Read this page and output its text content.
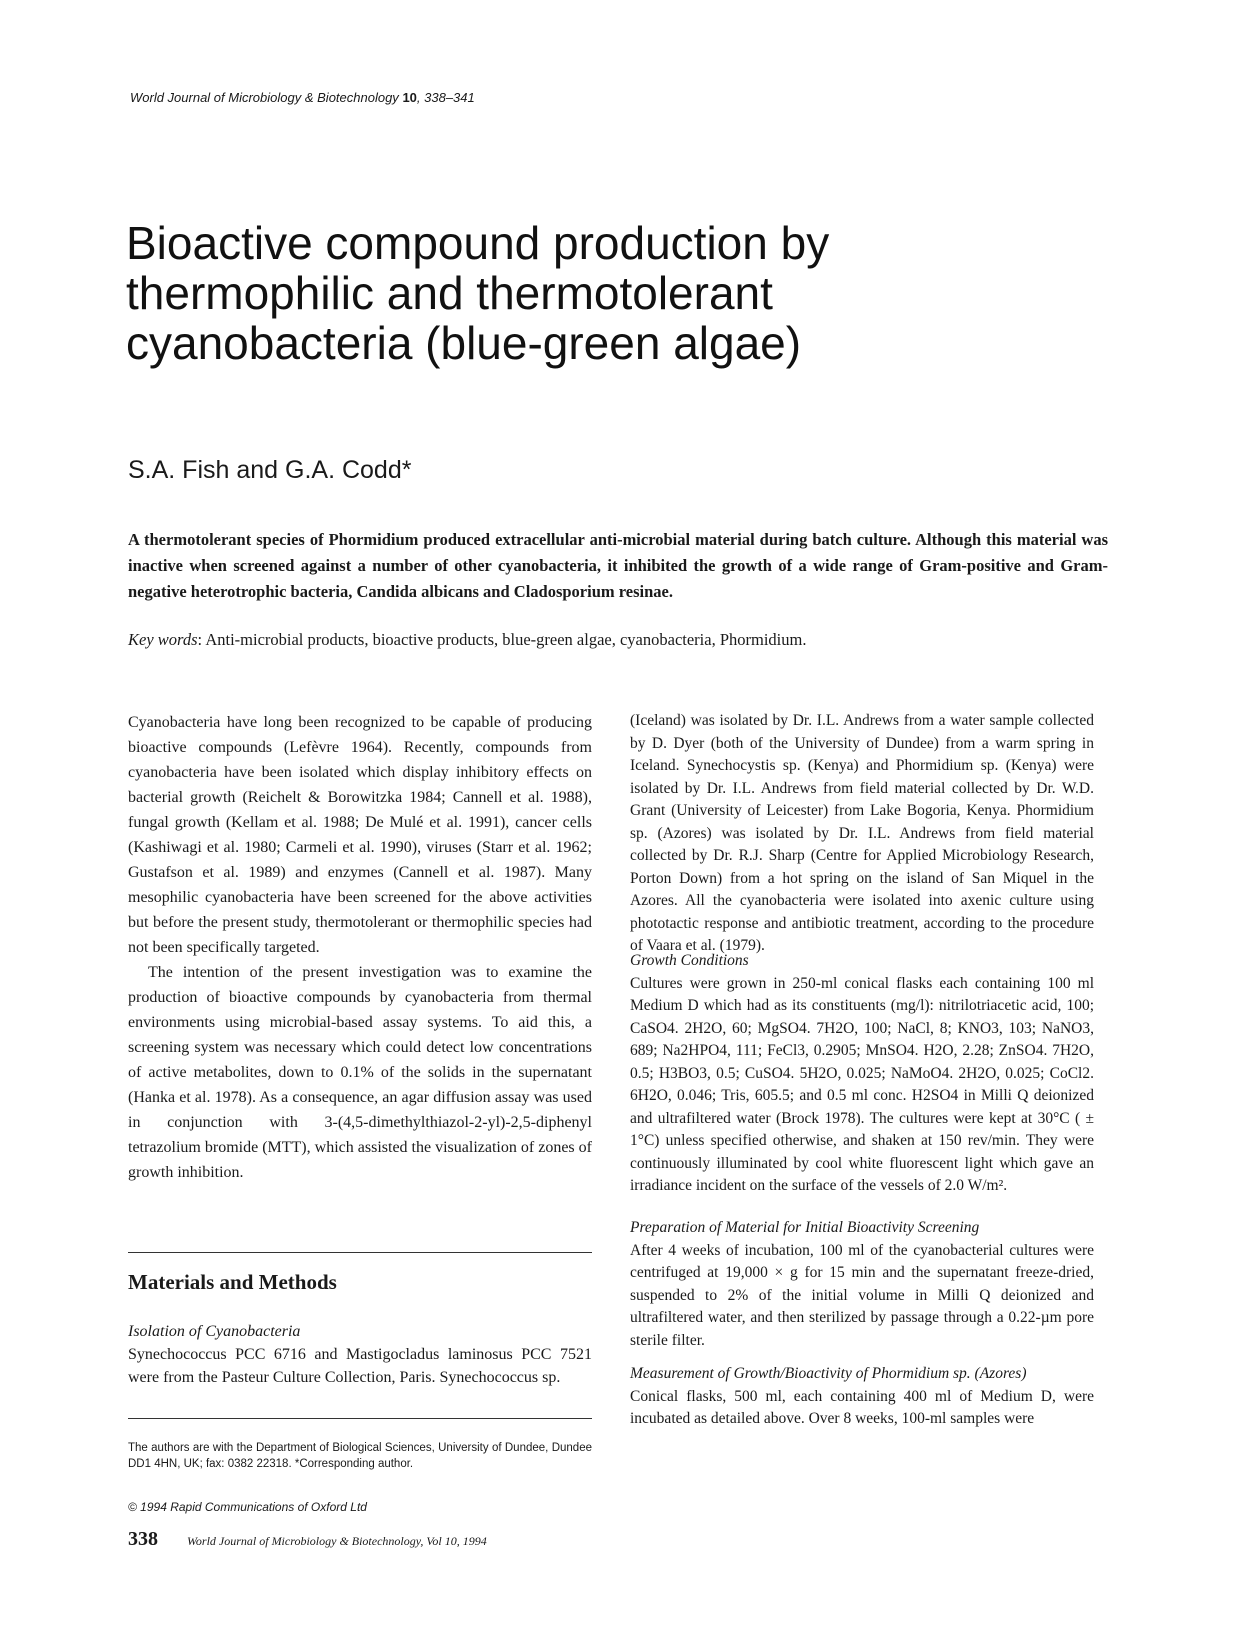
World Journal of Microbiology & Biotechnology 10, 338–341
Bioactive compound production by thermophilic and thermotolerant cyanobacteria (blue-green algae)
S.A. Fish and G.A. Codd*

A thermotolerant species of Phormidium produced extracellular anti-microbial material during batch culture. Although this material was inactive when screened against a number of other cyanobacteria, it inhibited the growth of a wide range of Gram-positive and Gram-negative heterotrophic bacteria, Candida albicans and Cladosporium resinae.

Key words: Anti-microbial products, bioactive products, blue-green algae, cyanobacteria, Phormidium.

Cyanobacteria have long been recognized to be capable of producing bioactive compounds (Lefèvre 1964). Recently, compounds from cyanobacteria have been isolated which display inhibitory effects on bacterial growth (Reichelt & Borowitzka 1984; Cannell et al. 1988), fungal growth (Kellam et al. 1988; De Mulé et al. 1991), cancer cells (Kashiwagi et al. 1980; Carmeli et al. 1990), viruses (Starr et al. 1962; Gustafson et al. 1989) and enzymes (Cannell et al. 1987). Many mesophilic cyanobacteria have been screened for the above activities but before the present study, thermotolerant or thermophilic species had not been specifically targeted.

The intention of the present investigation was to examine the production of bioactive compounds by cyanobacteria from thermal environments using microbial-based assay systems. To aid this, a screening system was necessary which could detect low concentrations of active metabolites, down to 0.1% of the solids in the supernatant (Hanka et al. 1978). As a consequence, an agar diffusion assay was used in conjunction with 3-(4,5-dimethylthiazol-2-yl)-2,5-diphenyl tetrazolium bromide (MTT), which assisted the visualization of zones of growth inhibition.

Materials and Methods

Isolation of Cyanobacteria

Synechococcus PCC 6716 and Mastigocladus laminosus PCC 7521 were from the Pasteur Culture Collection, Paris. Synechococcus sp.

The authors are with the Department of Biological Sciences, University of Dundee, Dundee DD1 4HN, UK; fax: 0382 22318. *Corresponding author.

© 1994 Rapid Communications of Oxford Ltd
338 World Journal of Microbiology & Biotechnology, Vol 10, 1994

(Iceland) was isolated by Dr. I.L. Andrews from a water sample collected by D. Dyer (both of the University of Dundee) from a warm spring in Iceland. Synechocystis sp. (Kenya) and Phormidium sp. (Kenya) were isolated by Dr. I.L. Andrews from field material collected by Dr. W.D. Grant (University of Leicester) from Lake Bogoria, Kenya. Phormidium sp. (Azores) was isolated by Dr. I.L. Andrews from field material collected by Dr. R.J. Sharp (Centre for Applied Microbiology Research, Porton Down) from a hot spring on the island of San Miquel in the Azores. All the cyanobacteria were isolated into axenic culture using phototactic response and antibiotic treatment, according to the procedure of Vaara et al. (1979).

Growth Conditions

Cultures were grown in 250-ml conical flasks each containing 100 ml Medium D which had as its constituents (mg/l): nitrilotriacetic acid, 100; CaSO4. 2H2O, 60; MgSO4. 7H2O, 100; NaCl, 8; KNO3, 103; NaNO3, 689; Na2HPO4, 111; FeCl3, 0.2905; MnSO4. H2O, 2.28; ZnSO4. 7H2O, 0.5; H3BO3, 0.5; CuSO4. 5H2O, 0.025; NaMoO4. 2H2O, 0.025; CoCl2. 6H2O, 0.046; Tris, 605.5; and 0.5 ml conc. H2SO4 in Milli Q deionized and ultrafiltered water (Brock 1978). The cultures were kept at 30°C ( ± 1°C) unless specified otherwise, and shaken at 150 rev/min. They were continuously illuminated by cool white fluorescent light which gave an irradiance incident on the surface of the vessels of 2.0 W/m².

Preparation of Material for Initial Bioactivity Screening

After 4 weeks of incubation, 100 ml of the cyanobacterial cultures were centrifuged at 19,000 × g for 15 min and the supernatant freeze-dried, suspended to 2% of the initial volume in Milli Q deionized and ultrafiltered water, and then sterilized by passage through a 0.22-µm pore sterile filter.

Measurement of Growth/Bioactivity of Phormidium sp. (Azores)

Conical flasks, 500 ml, each containing 400 ml of Medium D, were incubated as detailed above. Over 8 weeks, 100-ml samples were
